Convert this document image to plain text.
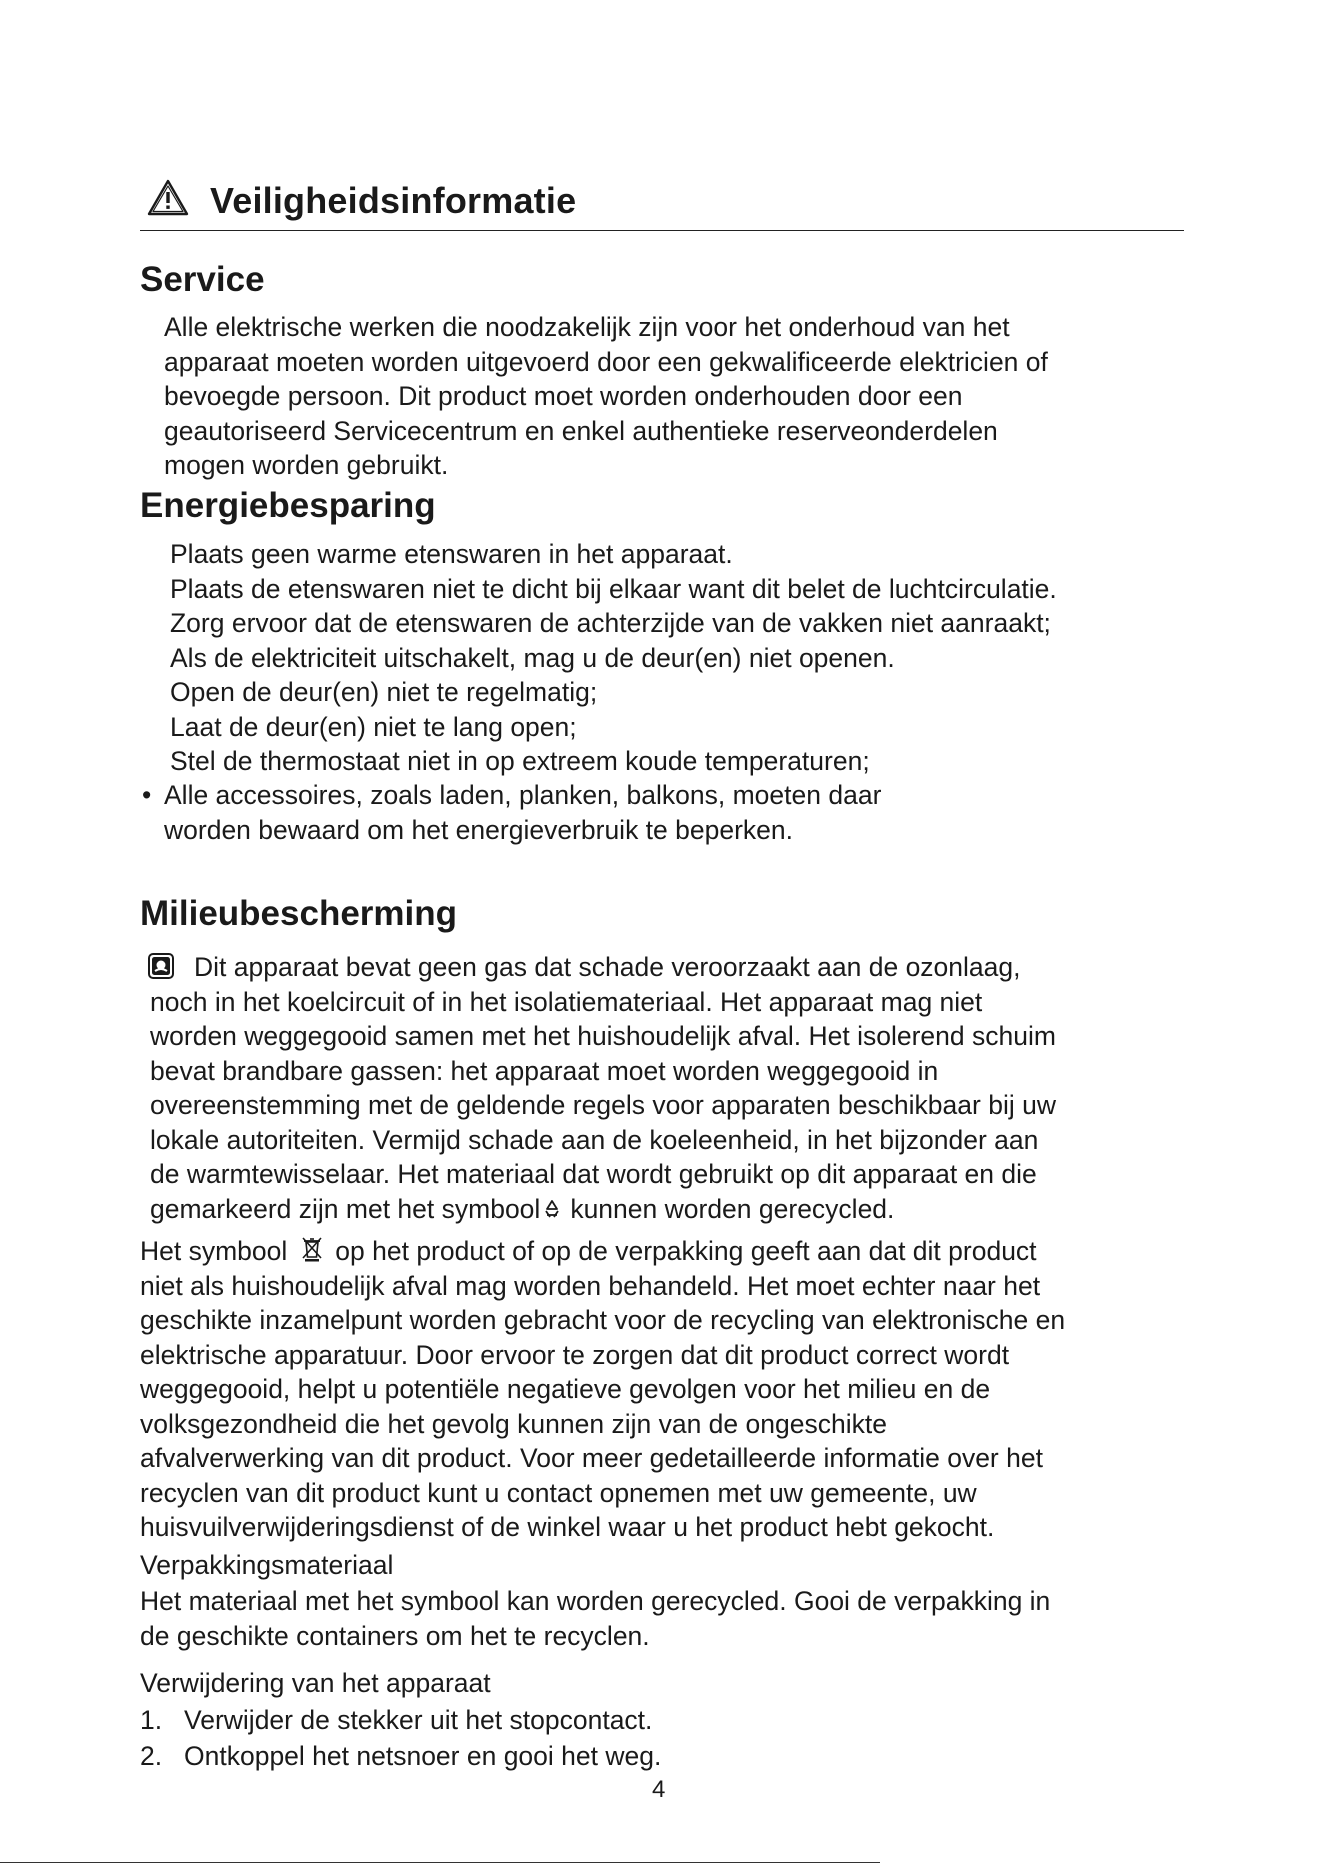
Veiligheidsinformatie
Service
Alle elektrische werken die noodzakelijk zijn voor het onderhoud van het
apparaat moeten worden uitgevoerd door een gekwalificeerde elektricien of
bevoegde persoon. Dit product moet worden onderhouden door een
geautoriseerd Servicecentrum en enkel authentieke reserveonderdelen
mogen worden gebruikt.
Energiebesparing
Plaats geen warme etenswaren in het apparaat.
Plaats de etenswaren niet te dicht bij elkaar want dit belet de luchtcirculatie.
Zorg ervoor dat de etenswaren de achterzijde van de vakken niet aanraakt;
Als de elektriciteit uitschakelt, mag u de deur(en) niet openen.
Open de deur(en) niet te regelmatig;
Laat de deur(en) niet te lang open;
Stel de thermostaat niet in op extreem koude temperaturen;
• Alle accessoires, zoals laden, planken, balkons, moeten daar
worden bewaard om het energieverbruik te beperken.
Milieubescherming
Dit apparaat bevat geen gas dat schade veroorzaakt aan de ozonlaag,
noch in het koelcircuit of in het isolatiemateriaal. Het apparaat mag niet
worden weggegooid samen met het huishoudelijk afval. Het isolerend schuim
bevat brandbare gassen: het apparaat moet worden weggegooid in
overeenstemming met de geldende regels voor apparaten beschikbaar bij uw
lokale autoriteiten. Vermijd schade aan de koeleenheid, in het bijzonder aan
de warmtewisselaar. Het materiaal dat wordt gebruikt op dit apparaat en die
gemarkeerd zijn met het symbool kunnen worden gerecycled.
Het symbool op het product of op de verpakking geeft aan dat dit product
niet als huishoudelijk afval mag worden behandeld. Het moet echter naar het
geschikte inzamelpunt worden gebracht voor de recycling van elektronische en
elektrische apparatuur. Door ervoor te zorgen dat dit product correct wordt
weggegooid, helpt u potentiële negatieve gevolgen voor het milieu en de
volksgezondheid die het gevolg kunnen zijn van de ongeschikte
afvalverwerking van dit product. Voor meer gedetailleerde informatie over het
recyclen van dit product kunt u contact opnemen met uw gemeente, uw
huisvuilverwijderingsdienst of de winkel waar u het product hebt gekocht.
Verpakkingsmateriaal
Het materiaal met het symbool kan worden gerecycled. Gooi de verpakking in
de geschikte containers om het te recyclen.
Verwijdering van het apparaat
1. Verwijder de stekker uit het stopcontact.
2. Ontkoppel het netsnoer en gooi het weg.
4
